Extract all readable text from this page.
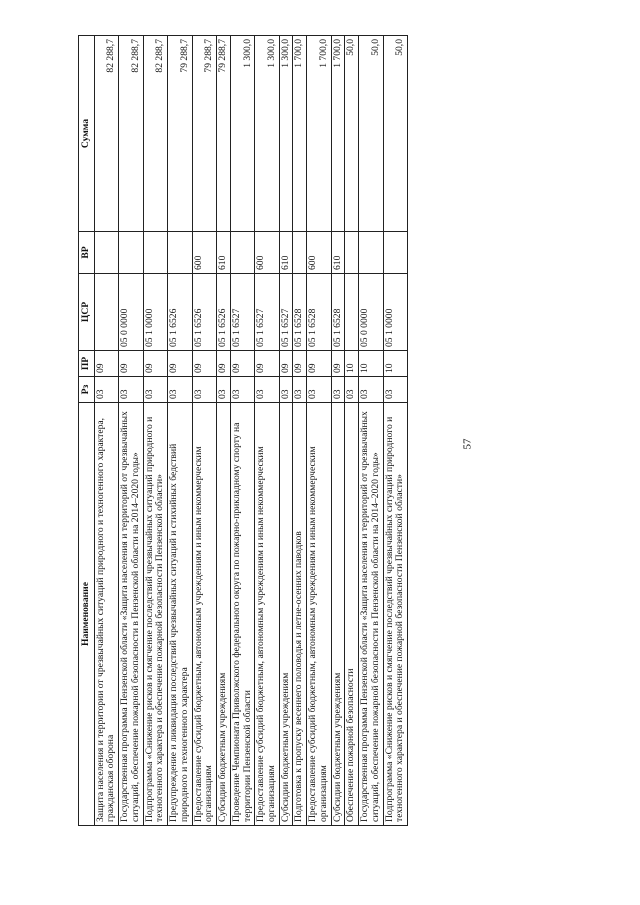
57
Наименование	Рз	ПР	ЦСР	ВР	Сумма
Защита населения и территории от чрезвычайных ситуаций природного и техногенного характера, гражданская оборона	03	09			82 288,7
Государственная программа Пензенской области «Защита населения и территорий от чрезвычайных ситуаций, обеспечение пожарной безопасности в Пензенской области на 2014–2020 годы»	03	09	05 0 0000		82 288,7
Подпрограмма «Снижение рисков и смягчение последствий чрезвычайных ситуаций природного и техногенного характера и обеспечение пожарной безопасности Пензенской области»	03	09	05 1 0000		82 288,7
Предупреждение и ликвидация последствий чрезвычайных ситуаций и стихийных бедствий природного и техногенного характера	03	09	05 1 6526		79 288,7
Предоставление субсидий бюджетным, автономным учреждениям и иным некоммерческим организациям	03	09	05 1 6526	600	79 288,7
Субсидии бюджетным учреждениям	03	09	05 1 6526	610	79 288,7
Проведение Чемпионата Приволжского федерального округа по пожарно-прикладному спорту на территории Пензенской области	03	09	05 1 6527		1 300,0
Предоставление субсидий бюджетным, автономным учреждениям и иным некоммерческим организациям	03	09	05 1 6527	600	1 300,0
Субсидии бюджетным учреждениям	03	09	05 1 6527	610	1 300,0
Подготовка к пропуску весеннего половодья и летне-осенних паводков	03	09	05 1 6528		1 700,0
Предоставление субсидий бюджетным, автономным учреждениям и иным некоммерческим организациям	03	09	05 1 6528	600	1 700,0
Субсидии бюджетным учреждениям	03	09	05 1 6528	610	1 700,0
Обеспечение пожарной безопасности	03	10			50,0
Государственная программа Пензенской области «Защита населения и территорий от чрезвычайных ситуаций, обеспечение пожарной безопасности в Пензенской области на 2014–2020 годы»	03	10	05 0 0000		50,0
Подпрограмма «Снижение рисков и смягчение последствий чрезвычайных ситуаций природного и техногенного характера и обеспечение пожарной безопасности Пензенской области»	03	10	05 1 0000		50,0
